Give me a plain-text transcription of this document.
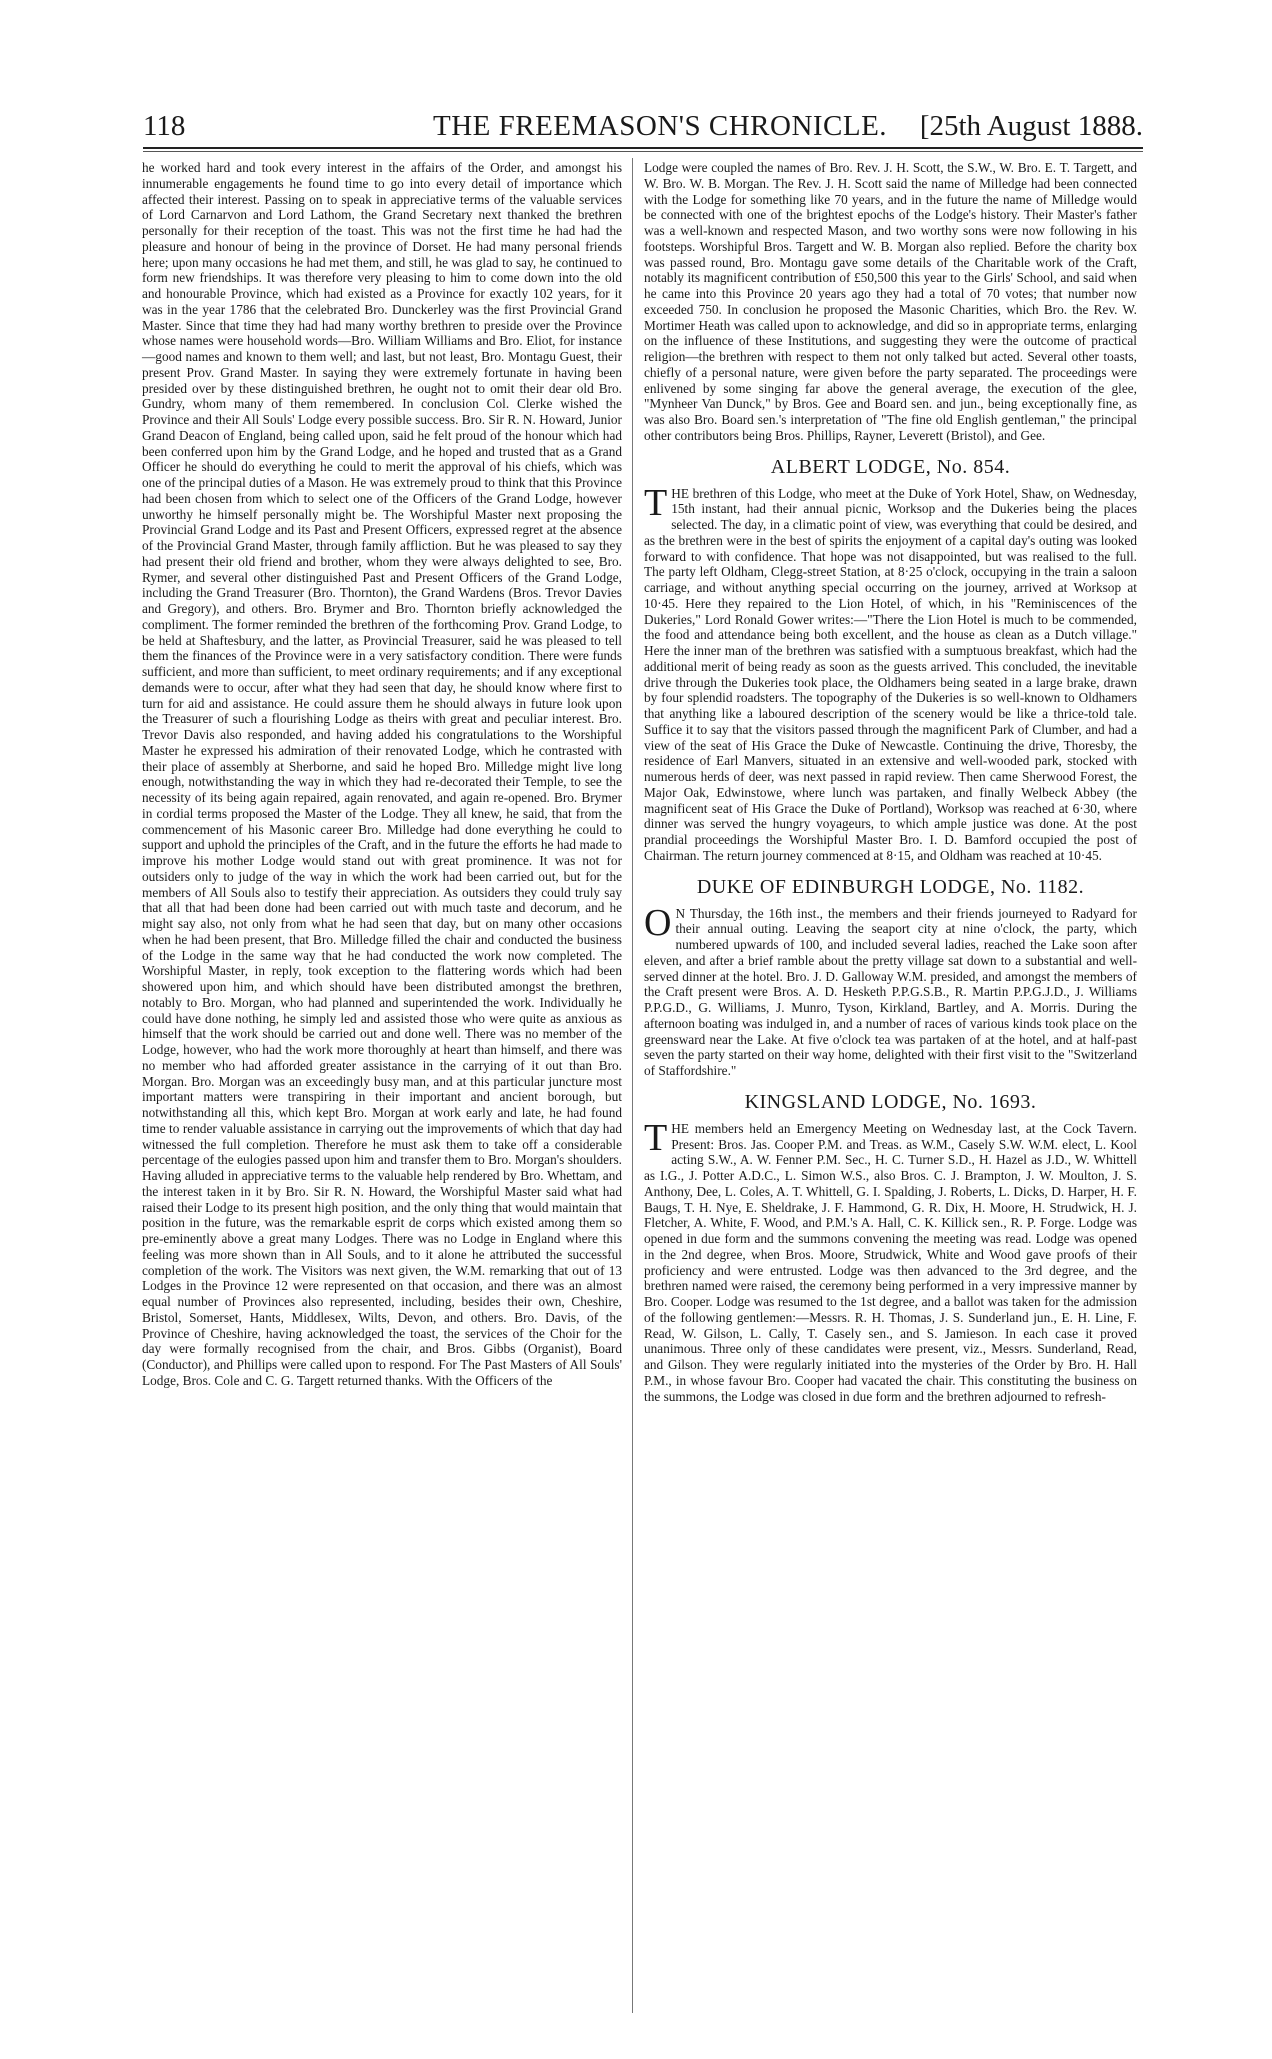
118	THE FREEMASON'S CHRONICLE. [25th August 1888.

he worked hard and took every interest in the affairs of the Order, and amongst his innumerable engagements he found time to go into every detail of importance which affected their interest. Passing on to speak in appreciative terms of the valuable services of Lord Carnarvon and Lord Lathom, the Grand Secretary next thanked the brethren personally for their reception of the toast. This was not the first time he had had the pleasure and honour of being in the province of Dorset. He had many personal friends here; upon many occasions he had met them, and still, he was glad to say, he continued to form new friendships. It was therefore very pleasing to him to come down into the old and honourable Province, which had existed as a Province for exactly 102 years, for it was in the year 1786 that the celebrated Bro. Dunckerley was the first Provincial Grand Master. Since that time they had had many worthy brethren to preside over the Province whose names were household words—Bro. William Williams and Bro. Eliot, for instance—good names and known to them well; and last, but not least, Bro. Montagu Guest, their present Prov. Grand Master. In saying they were extremely fortunate in having been presided over by these distinguished brethren, he ought not to omit their dear old Bro. Gundry, whom many of them remembered. In conclusion Col. Clerke wished the Province and their All Souls' Lodge every possible success. Bro. Sir R. N. Howard, Junior Grand Deacon of England, being called upon, said he felt proud of the honour which had been conferred upon him by the Grand Lodge, and he hoped and trusted that as a Grand Officer he should do everything he could to merit the approval of his chiefs, which was one of the principal duties of a Mason. He was extremely proud to think that this Province had been chosen from which to select one of the Officers of the Grand Lodge, however unworthy he himself personally might be. The Worshipful Master next proposing the Provincial Grand Lodge and its Past and Present Officers, expressed regret at the absence of the Provincial Grand Master, through family affliction. But he was pleased to say they had present their old friend and brother, whom they were always delighted to see, Bro. Rymer, and several other distinguished Past and Present Officers of the Grand Lodge, including the Grand Treasurer (Bro. Thornton), the Grand Wardens (Bros. Trevor Davies and Gregory), and others. Bro. Brymer and Bro. Thornton briefly acknowledged the compliment. The former reminded the brethren of the forthcoming Prov. Grand Lodge, to be held at Shaftesbury, and the latter, as Provincial Treasurer, said he was pleased to tell them the finances of the Province were in a very satisfactory condition. There were funds sufficient, and more than sufficient, to meet ordinary requirements; and if any exceptional demands were to occur, after what they had seen that day, he should know where first to turn for aid and assistance. He could assure them he should always in future look upon the Treasurer of such a flourishing Lodge as theirs with great and peculiar interest. Bro. Trevor Davis also responded, and having added his congratulations to the Worshipful Master he expressed his admiration of their renovated Lodge, which he contrasted with their place of assembly at Sherborne, and said he hoped Bro. Milledge might live long enough, notwithstanding the way in which they had re-decorated their Temple, to see the necessity of its being again repaired, again renovated, and again re-opened. Bro. Brymer in cordial terms proposed the Master of the Lodge. They all knew, he said, that from the commencement of his Masonic career Bro. Milledge had done everything he could to support and uphold the principles of the Craft, and in the future the efforts he had made to improve his mother Lodge would stand out with great prominence. It was not for outsiders only to judge of the way in which the work had been carried out, but for the members of All Souls also to testify their appreciation. As outsiders they could truly say that all that had been done had been carried out with much taste and decorum, and he might say also, not only from what he had seen that day, but on many other occasions when he had been present, that Bro. Milledge filled the chair and conducted the business of the Lodge in the same way that he had conducted the work now completed. The Worshipful Master, in reply, took exception to the flattering words which had been showered upon him, and which should have been distributed amongst the brethren, notably to Bro. Morgan, who had planned and superintended the work. Individually he could have done nothing, he simply led and assisted those who were quite as anxious as himself that the work should be carried out and done well. There was no member of the Lodge, however, who had the work more thoroughly at heart than himself, and there was no member who had afforded greater assistance in the carrying of it out than Bro. Morgan. Bro. Morgan was an exceedingly busy man, and at this particular juncture most important matters were transpiring in their important and ancient borough, but notwithstanding all this, which kept Bro. Morgan at work early and late, he had found time to render valuable assistance in carrying out the improvements of which that day had witnessed the full completion. Therefore he must ask them to take off a considerable percentage of the eulogies passed upon him and transfer them to Bro. Morgan's shoulders. Having alluded in appreciative terms to the valuable help rendered by Bro. Whettam, and the interest taken in it by Bro. Sir R. N. Howard, the Worshipful Master said what had raised their Lodge to its present high position, and the only thing that would maintain that position in the future, was the remarkable esprit de corps which existed among them so pre-eminently above a great many Lodges. There was no Lodge in England where this feeling was more shown than in All Souls, and to it alone he attributed the successful completion of the work. The Visitors was next given, the W.M. remarking that out of 13 Lodges in the Province 12 were represented on that occasion, and there was an almost equal number of Provinces also represented, including, besides their own, Cheshire, Bristol, Somerset, Hants, Middlesex, Wilts, Devon, and others. Bro. Davis, of the Province of Cheshire, having acknowledged the toast, the services of the Choir for the day were formally recognised from the chair, and Bros. Gibbs (Organist), Board (Conductor), and Phillips were called upon to respond. For The Past Masters of All Souls' Lodge, Bros. Cole and C. G. Targett returned thanks. With the Officers of the

Lodge were coupled the names of Bro. Rev. J. H. Scott, the S.W., W. Bro. E. T. Targett, and W. Bro. W. B. Morgan. The Rev. J. H. Scott said the name of Milledge had been connected with the Lodge for something like 70 years, and in the future the name of Milledge would be connected with one of the brightest epochs of the Lodge's history. Their Master's father was a well-known and respected Mason, and two worthy sons were now following in his footsteps. Worshipful Bros. Targett and W. B. Morgan also replied. Before the charity box was passed round, Bro. Montagu gave some details of the Charitable work of the Craft, notably its magnificent contribution of £50,500 this year to the Girls' School, and said when he came into this Province 20 years ago they had a total of 70 votes; that number now exceeded 750. In conclusion he proposed the Masonic Charities, which Bro. the Rev. W. Mortimer Heath was called upon to acknowledge, and did so in appropriate terms, enlarging on the influence of these Institutions, and suggesting they were the outcome of practical religion—the brethren with respect to them not only talked but acted. Several other toasts, chiefly of a personal nature, were given before the party separated. The proceedings were enlivened by some singing far above the general average, the execution of the glee, "Mynheer Van Dunck," by Bros. Gee and Board sen. and jun., being exceptionally fine, as was also Bro. Board sen.'s interpretation of "The fine old English gentleman," the principal other contributors being Bros. Phillips, Rayner, Leverett (Bristol), and Gee.

ALBERT LODGE, No. 854.

THE brethren of this Lodge, who meet at the Duke of York Hotel, Shaw, on Wednesday, 15th instant, had their annual picnic, Worksop and the Dukeries being the places selected. The day, in a climatic point of view, was everything that could be desired, and as the brethren were in the best of spirits the enjoyment of a capital day's outing was looked forward to with confidence. That hope was not disappointed, but was realised to the full. The party left Oldham, Clegg-street Station, at 8·25 o'clock, occupying in the train a saloon carriage, and without anything special occurring on the journey, arrived at Worksop at 10·45. Here they repaired to the Lion Hotel, of which, in his "Reminiscences of the Dukeries," Lord Ronald Gower writes:—"There the Lion Hotel is much to be commended, the food and attendance being both excellent, and the house as clean as a Dutch village." Here the inner man of the brethren was satisfied with a sumptuous breakfast, which had the additional merit of being ready as soon as the guests arrived. This concluded, the inevitable drive through the Dukeries took place, the Oldhamers being seated in a large brake, drawn by four splendid roadsters. The topography of the Dukeries is so well-known to Oldhamers that anything like a laboured description of the scenery would be like a thrice-told tale. Suffice it to say that the visitors passed through the magnificent Park of Clumber, and had a view of the seat of His Grace the Duke of Newcastle. Continuing the drive, Thoresby, the residence of Earl Manvers, situated in an extensive and well-wooded park, stocked with numerous herds of deer, was next passed in rapid review. Then came Sherwood Forest, the Major Oak, Edwinstowe, where lunch was partaken, and finally Welbeck Abbey (the magnificent seat of His Grace the Duke of Portland), Worksop was reached at 6·30, where dinner was served the hungry voyageurs, to which ample justice was done. At the post prandial proceedings the Worshipful Master Bro. I. D. Bamford occupied the post of Chairman. The return journey commenced at 8·15, and Oldham was reached at 10·45.

DUKE OF EDINBURGH LODGE, No. 1182.

O N Thursday, the 16th inst., the members and their friends journeyed to Radyard for their annual outing. Leaving the seaport city at nine o'clock, the party, which numbered upwards of 100, and included several ladies, reached the Lake soon after eleven, and after a brief ramble about the pretty village sat down to a substantial and well-served dinner at the hotel. Bro. J. D. Galloway W.M. presided, and amongst the members of the Craft present were Bros. A. D. Hesketh P.P.G.S.B., R. Martin P.P.G.J.D., J. Williams P.P.G.D., G. Williams, J. Munro, Tyson, Kirkland, Bartley, and A. Morris. During the afternoon boating was indulged in, and a number of races of various kinds took place on the greensward near the Lake. At five o'clock tea was partaken of at the hotel, and at half-past seven the party started on their way home, delighted with their first visit to the "Switzerland of Staffordshire."

KINGSLAND LODGE, No. 1693.

THE members held an Emergency Meeting on Wednesday last, at the Cock Tavern. Present: Bros. Jas. Cooper P.M. and Treas. as W.M., Casely S.W. W.M. elect, L. Kool acting S.W., A. W. Fenner P.M. Sec., H. C. Turner S.D., H. Hazel as J.D., W. Whittell as I.G., J. Potter A.D.C., L. Simon W.S., also Bros. C. J. Brampton, J. W. Moulton, J. S. Anthony, Dee, L. Coles, A. T. Whittell, G. I. Spalding, J. Roberts, L. Dicks, D. Harper, H. F. Baugs, T. H. Nye, E. Sheldrake, J. F. Hammond, G. R. Dix, H. Moore, H. Strudwick, H. J. Fletcher, A. White, F. Wood, and P.M.'s A. Hall, C. K. Killick sen., R. P. Forge. Lodge was opened in due form and the summons convening the meeting was read. Lodge was opened in the 2nd degree, when Bros. Moore, Strudwick, White and Wood gave proofs of their proficiency and were entrusted. Lodge was then advanced to the 3rd degree, and the brethren named were raised, the ceremony being performed in a very impressive manner by Bro. Cooper. Lodge was resumed to the 1st degree, and a ballot was taken for the admission of the following gentlemen:—Messrs. R. H. Thomas, J. S. Sunderland jun., E. H. Line, F. Read, W. Gilson, L. Cally, T. Casely sen., and S. Jamieson. In each case it proved unanimous. Three only of these candidates were present, viz., Messrs. Sunderland, Read, and Gilson. They were regularly initiated into the mysteries of the Order by Bro. H. Hall P.M., in whose favour Bro. Cooper had vacated the chair. This constituting the business on the summons, the Lodge was closed in due form and the brethren adjourned to refresh-
